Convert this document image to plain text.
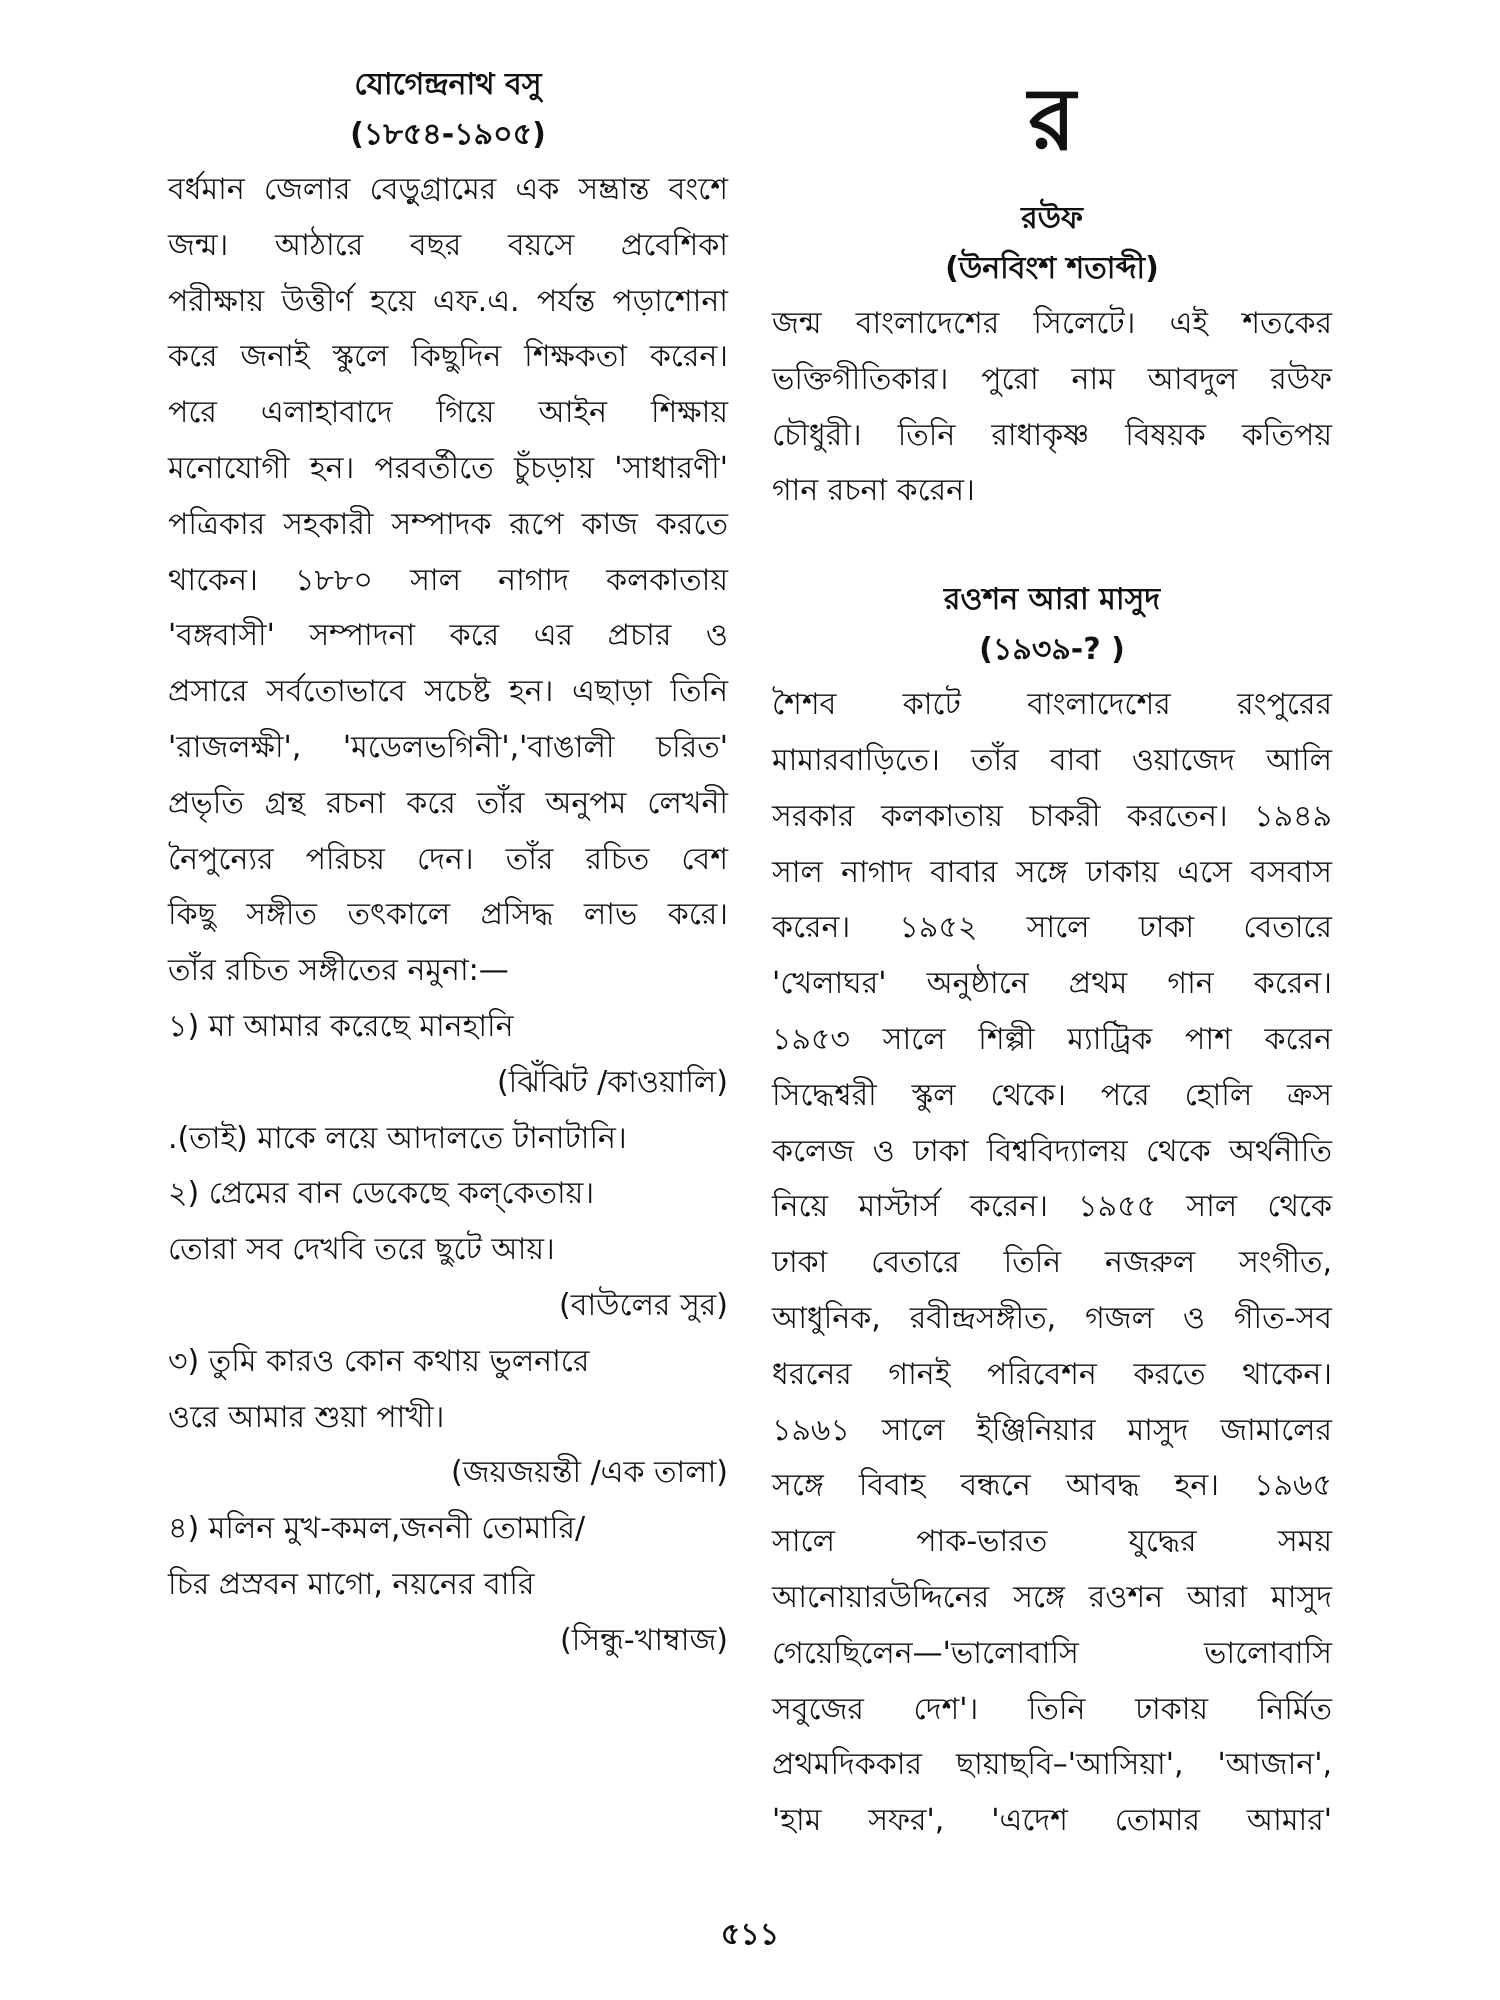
যোগেন্দ্রনাথ বসু

(১৮৫৪-১৯০৫)

বর্ধমান জেলার বেড়ুগ্রামের এক সম্ভ্রান্ত বংশে
জন্ম। আঠারে বছর বয়সে প্রবেশিকা
পরীক্ষায় উত্তীর্ণ হয়ে এফ.এ. পর্যন্ত পড়াশোনা
করে জনাই স্কুলে কিছুদিন শিক্ষকতা করেন।
পরে এলাহাবাদে গিয়ে আইন শিক্ষায়
মনোযোগী হন। পরবর্তীতে চুঁচড়ায় 'সাধারণী'
পত্রিকার সহকারী সম্পাদক রূপে কাজ করতে
থাকেন। ১৮৮০ সাল নাগাদ কলকাতায়
'বঙ্গবাসী' সম্পাদনা করে এর প্রচার ও
প্রসারে সর্বতোভাবে সচেষ্ট হন। এছাড়া তিনি
'রাজলক্ষী', 'মডেলভগিনী','বাঙালী চরিত'
প্রভৃতি গ্রন্থ রচনা করে তাঁর অনুপম লেখনী
নৈপুন্যের পরিচয় দেন। তাঁর রচিত বেশ
কিছু সঙ্গীত তৎকালে প্রসিদ্ধ লাভ করে।
তাঁর রচিত সঙ্গীতের নমুনা:—
১) মা আমার করেছে মানহানি
(ঝিঁঝিট /কাওয়ালি)
.(তাই) মাকে লয়ে আদালতে টানাটানি।
২) প্রেমের বান ডেকেছে কল্‌কেতায়।
তোরা সব দেখবি তরে ছুটে আয়।
(বাউলের সুর)
৩) তুমি কারও কোন কথায় ভুলনারে
ওরে আমার শুয়া পাখী।
(জয়জয়ন্তী /এক তালা)
৪) মলিন মুখ-কমল,জননী তোমারি/
চির প্রস্রবন মাগো, নয়নের বারি
(সিন্ধু-খাম্বাজ)

র

রউফ

(উনবিংশ শতাব্দী)

জন্ম বাংলাদেশের সিলেটে। এই শতকের
ভক্তিগীতিকার। পুরো নাম আবদুল রউফ
চৌধুরী। তিনি রাধাকৃষ্ণ বিষয়ক কতিপয়
গান রচনা করেন।

রওশন আরা মাসুদ

(১৯৩৯-? )

শৈশব কাটে বাংলাদেশের রংপুরের
মামারবাড়িতে। তাঁর বাবা ওয়াজেদ আলি
সরকার কলকাতায় চাকরী করতেন। ১৯৪৯
সাল নাগাদ বাবার সঙ্গে ঢাকায় এসে বসবাস
করেন। ১৯৫২ সালে ঢাকা বেতারে
'খেলাঘর' অনুষ্ঠানে প্রথম গান করেন।
১৯৫৩ সালে শিল্পী ম্যাট্রিক পাশ করেন
সিদ্ধেশ্বরী স্কুল থেকে। পরে হোলি ক্রস
কলেজ ও ঢাকা বিশ্ববিদ্যালয় থেকে অর্থনীতি
নিয়ে মাস্টার্স করেন। ১৯৫৫ সাল থেকে
ঢাকা বেতারে তিনি নজরুল সংগীত,
আধুনিক, রবীন্দ্রসঙ্গীত, গজল ও গীত-সব
ধরনের গানই পরিবেশন করতে থাকেন।
১৯৬১ সালে ইঞ্জিনিয়ার মাসুদ জামালের
সঙ্গে বিবাহ বন্ধনে আবদ্ধ হন। ১৯৬৫
সালে পাক-ভারত যুদ্ধের সময়
আনোয়ারউদ্দিনের সঙ্গে রওশন আরা মাসুদ
গেয়েছিলেন—'ভালোবাসি ভালোবাসি
সবুজের দেশ'। তিনি ঢাকায় নির্মিত
প্রথমদিককার ছায়াছবি–'আসিয়া', 'আজান',
'হাম সফর', 'এদেশ তোমার আমার'
৫১১
